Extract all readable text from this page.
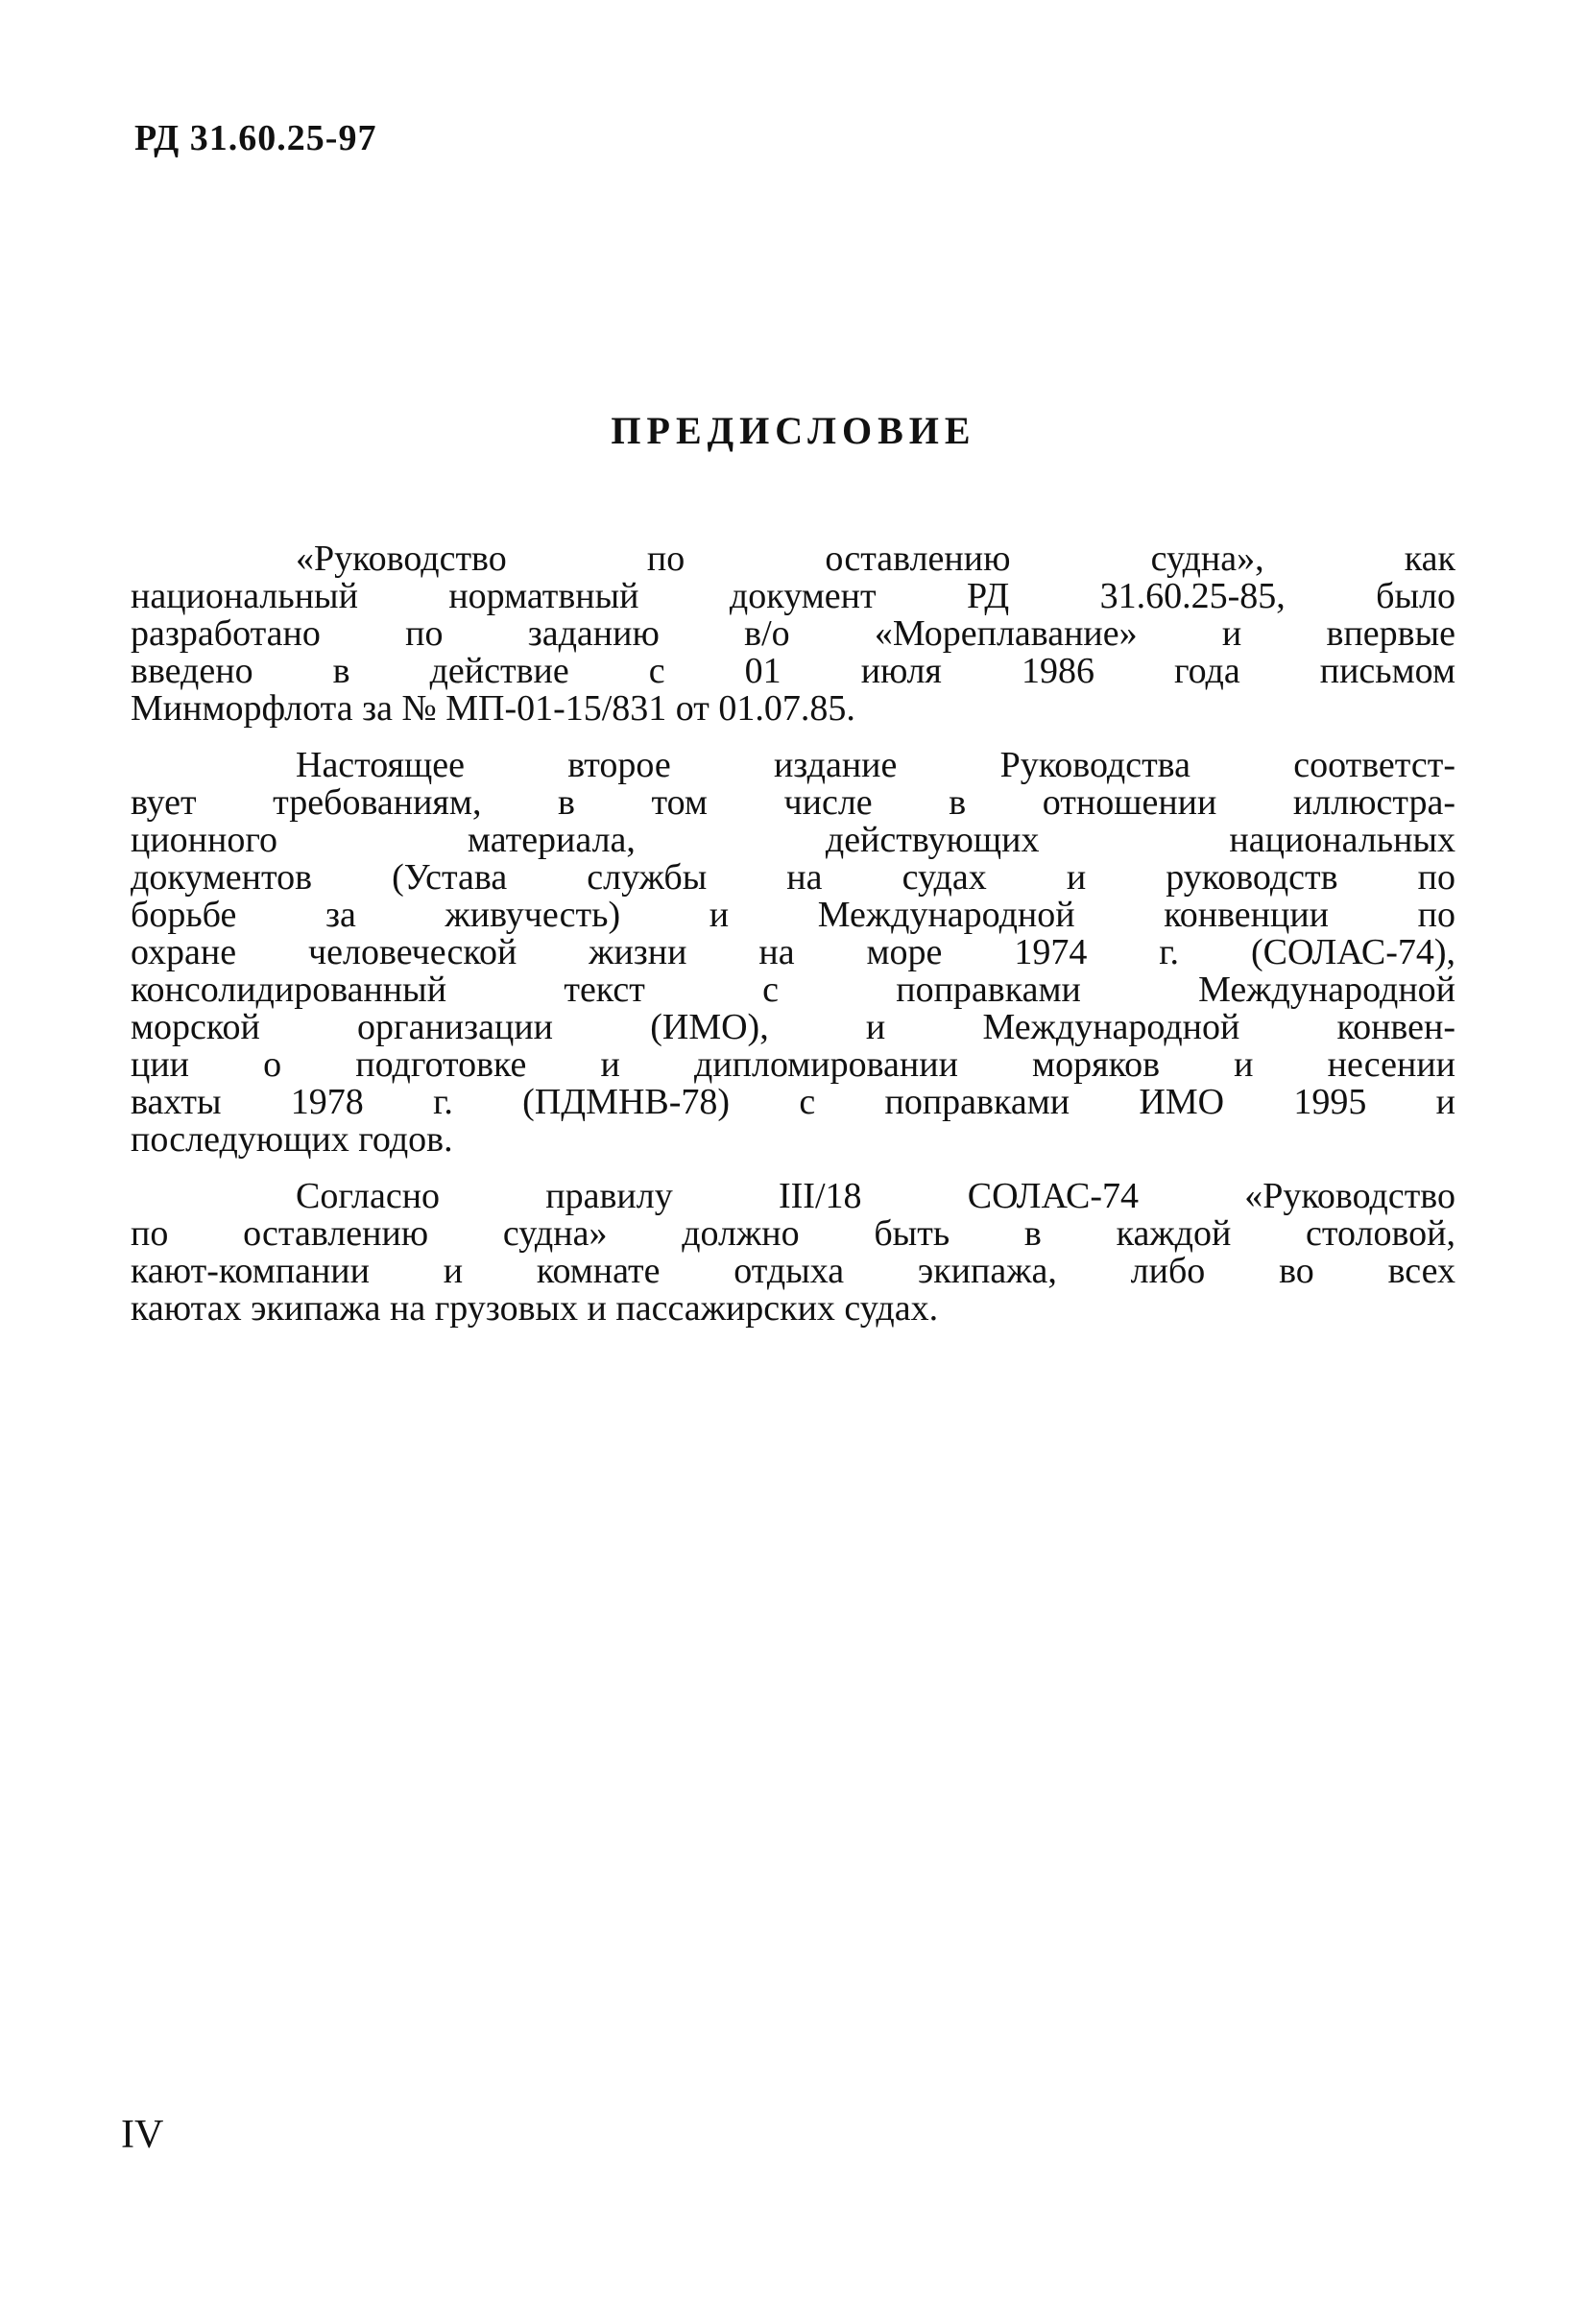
РД 31.60.25-97
ПРЕДИСЛОВИЕ
«Руководство по оставлению судна», как
национальный норматвный документ РД 31.60.25-85, было
разработано по заданию в/о «Мореплавание» и впервые
введено в действие с 01 июля 1986 года письмом
Минморфлота за № МП-01-15/831 от 01.07.85.
Настоящее второе издание Руководства соответст-
вует требованиям, в том числе в отношении иллюстра-
ционного материала, действующих национальных
документов (Устава службы на судах и руководств по
борьбе за живучесть) и Международной конвенции по
охране человеческой жизни на море 1974 г. (СОЛАС-74),
консолидированный текст с поправками Международной
морской организации (ИМО), и Международной конвен-
ции о подготовке и дипломировании моряков и несении
вахты 1978 г. (ПДМНВ-78) с поправками ИМО 1995 и
последующих годов.
Согласно правилу III/18 СОЛАС-74 «Руководство
по оставлению судна» должно быть в каждой столовой,
кают-компании и комнате отдыха экипажа, либо во всех
каютах экипажа на грузовых и пассажирских судах.
IV
